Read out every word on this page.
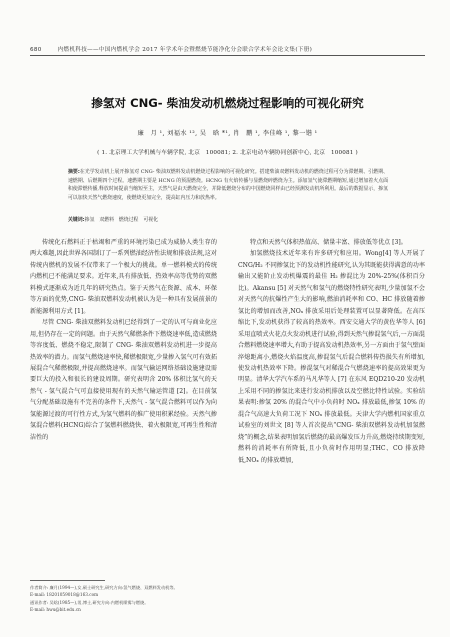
680	内燃机科技——中国内燃机学会 2017 年学术年会暨燃烧节能净化分会联合学术年会论文集(下册)
掺氢对 CNG- 柴油发动机燃烧过程影响的可视化研究
廉　月 ¹, 刘福水 ¹², 吴　晗 *¹, 肖　鹏 ¹, 李佳峰 ¹, 黎一锴 ¹
( 1. 北京理工大学机械与车辆学院, 北京　100081; 2. 北京电动车辆协同创新中心, 北京　100081 )
摘要:在光学发动机上展开掺氢对 CNG- 柴油双燃料发动机燃烧过程影响的可视化研究。搭建柴油双燃料发动机的燃烧过程可分为滞燃期、引燃期、速燃期、后燃期四个过程。速燃期主要是 HCNG 的预混燃烧。HCNG 有火焰传播与显燃烧碎燃烧为主。添加氢气使滞燃期缩短,通过增加着火点面积使滞燃传播,释放时间提前当缩短至主，天然气是由天燃烧完全，并降低燃烧分布的中国燃烧同样由已经预测发动机所利用。最后的数据显示，掺氢可以加快天然气燃烧速度，使燃烧更加完全，提高缸内压力和放热率。
关键词:掺氢　双燃料　燃烧过程　可视化

传统化石燃料正于枯竭和严重的环境污染已成为威胁人类生存的两大难题,因此世界各国制订了一系列燃油经济性法规和排放法规,这对传统内燃机的发展不仅带来了一个极大的挑战。单一燃料模式的传统内燃机已不能满足要求。近年来,具有排放低、热效率高等优势的双燃料模式逐渐成为近几年的研究热点。鉴于天然气在资源、成本、环保等方面的优势,CNG- 柴油双燃料发动机被认为是一种具有发展前景的新能源利用方式 [1]。

尽管 CNG- 柴油双燃料发动机已经得到了一定的认可与商业化应用,但仍存在一定的问题。由于天然气稀燃条件下燃烧速率低,造成燃烧等容度低、燃烧不稳定,限制了 CNG- 柴油双燃料发动机进一步提高热效率的潜力。而氢气燃烧速率快,稀燃极限宽,少量掺入氢气可有效拓展混合气稀燃极限,并提高燃烧速率。而氢气输运网络基础设施建设需要巨大的投入和很长的建设周期。研究表明含 20% 体积比氢气的天然气 - 氢气混合气可直接使用现有的天然气输运管道 [2]。在目前氢气分配基础设施有不完善的条件下,天然气 - 氢气混合燃料可以作为向氢能源过渡的可行性方式,为氢气燃料的推广使用积累经验。天然气掺氢混合燃料(HCNG)综合了氢燃料燃烧快、着火极限宽,可再生性和清洁性的

特点和天然气体积热值高、储量丰富、排放低等优点 [3]。

加氢燃烧技术近年来有许多研究和应用。Wong[4] 等人开展了 CNG/H₂ 不同掺氢比下的发动机性能研究,认为其既能获得满意的功率输出又能阶止发动机爆震的最佳 H₂ 掺混比为 20%-25%(体积百分比)。Akansu [5] 对天然气和氢气的燃烧特性研究表明,少量加氢不会对天然气的抗爆性产生大的影响,燃油消耗率和 CO、HC 排放随着掺氢比的增加而改善,NOₓ 排放采用后处理装置可以显著降低。在高压缩比下,发动机获得了较高的热效率。西安交通大学的黄佐华等人 [6] 采用直喷式火花点火发动机进行试验,得到天然气掺混氢气后,一方面混合燃料燃烧速率增大,有助于提高发动机热效率,另一方面由于氢气壁面淬熄距离小,燃烧火焰温度高,掺混氢气后混合燃料传热损失有所增加,使发动机热效率下降。掺混氢气对稀混合气燃烧速率的提高效果更为明显。清华大学汽车系的马凡华等人 [7] 在东风 EQD210-20 发动机上采用不同的掺氢比来进行发动机排放以及空燃比特性试验。实验结果表明:掺氢 20% 的混合气中小负荷时 NOₓ 排放最低,掺氢 10% 的混合气高速大负荷工况下 NOₓ 排放最低。天津大学内燃机国家重点试验室的刘世文 [8] 等人首次提出“CNG- 柴油双燃料发动机加氢燃烧”的概念,结果表明加氢后燃烧的最高爆发压力升高,燃烧持续期变短,燃料的消耗率有所降低,且小负荷时作用明显;THC、CO 排放降低,NOₓ 的排放增加,

作者简介: 廉月(1994—),女,硕士研究生,研究方向:氢气燃烧、双燃料发动机等。
E-mail: 18201059018@163.com
通讯作者: 吴晗(1985—),男,博士,研究方向:内燃机喷雾与燃烧。
E-mail: hwu@bit.edu.cn
